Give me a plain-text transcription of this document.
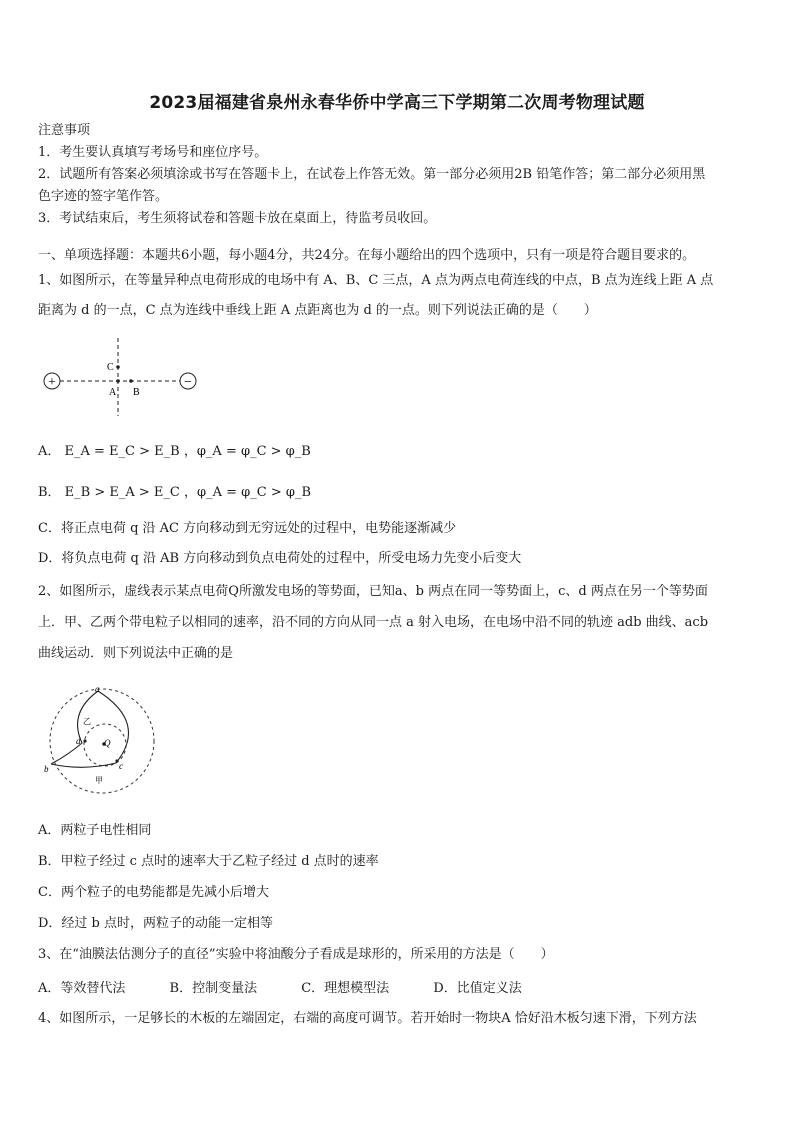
2023届福建省泉州永春华侨中学高三下学期第二次周考物理试题
注意事项
1．考生要认真填写考场号和座位序号。
2．试题所有答案必须填涂或书写在答题卡上，在试卷上作答无效。第一部分必须用2B 铅笔作答；第二部分必须用黑
色字迹的签字笔作答。
3．考试结束后，考生须将试卷和答题卡放在桌面上，待监考员收回。
一、单项选择题：本题共6小题，每小题4分，共24分。在每小题给出的四个选项中，只有一项是符合题目要求的。
1、如图所示，在等量异种点电荷形成的电场中有 A、B、C 三点，A 点为两点电荷连线的中点，B 点为连线上距 A 点
距离为 d 的一点，C 点为连线中垂线上距 A 点距离也为 d 的一点。则下列说法正确的是（　　）
+	−
A B
C
A． E_A = E_C > E_B ，φ_A = φ_C > φ_B
B． E_B > E_A > E_C ，φ_A = φ_C > φ_B
C．将正点电荷 q 沿 AC 方向移动到无穷远处的过程中，电势能逐渐减少
D．将负点电荷 q 沿 AB 方向移动到负点电荷处的过程中，所受电场力先变小后变大
2、如图所示，虚线表示某点电荷Q所激发电场的等势面，已知a、b 两点在同一等势面上，c、d 两点在另一个等势面
上．甲、乙两个带电粒子以相同的速率，沿不同的方向从同一点 a 射入电场，在电场中沿不同的轨迹 adb 曲线、acb
曲线运动．则下列说法中正确的是
a
b	c
d	Q
甲
乙
A．两粒子电性相同
B．甲粒子经过 c 点时的速率大于乙粒子经过 d 点时的速率
C．两个粒子的电势能都是先减小后增大
D．经过 b 点时，两粒子的动能一定相等
3、在“油膜法估测分子的直径”实验中将油酸分子看成是球形的，所采用的方法是（　　）
A．等效替代法	B．控制变量法	C．理想模型法	D．比值定义法
4、如图所示，一足够长的木板的左端固定，右端的高度可调节。若开始时一物块A 恰好沿木板匀速下滑，下列方法
